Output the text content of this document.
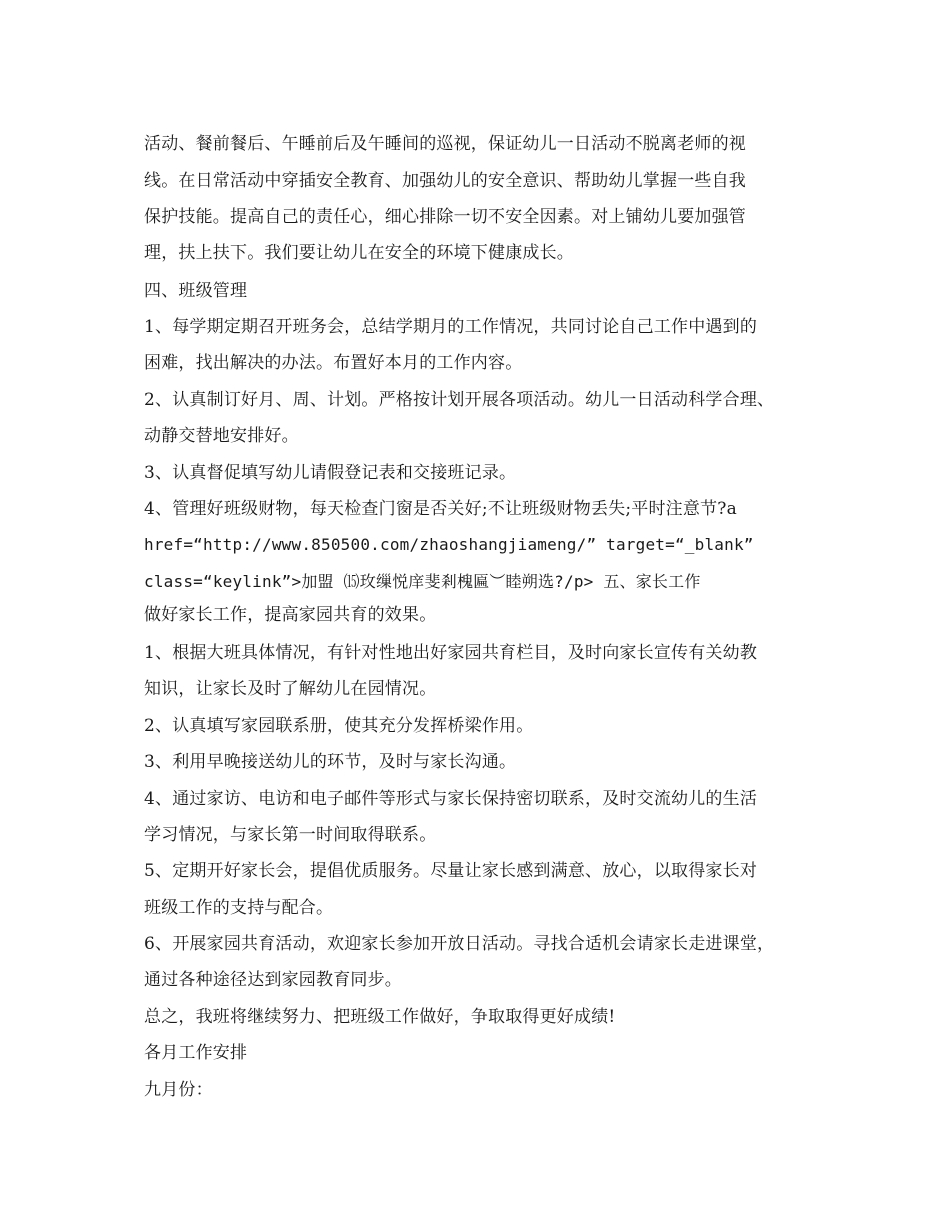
活动、餐前餐后、午睡前后及午睡间的巡视，保证幼儿一日活动不脱离老师的视
线。在日常活动中穿插安全教育、加强幼儿的安全意识、帮助幼儿掌握一些自我
保护技能。提高自己的责任心，细心排除一切不安全因素。对上铺幼儿要加强管
理，扶上扶下。我们要让幼儿在安全的环境下健康成长。
四、班级管理
1、每学期定期召开班务会，总结学期月的工作情况，共同讨论自己工作中遇到的
困难，找出解决的办法。布置好本月的工作内容。
2、认真制订好月、周、计划。严格按计划开展各项活动。幼儿一日活动科学合理、
动静交替地安排好。
3、认真督促填写幼儿请假登记表和交接班记录。
4、管理好班级财物，每天检查门窗是否关好;不让班级财物丢失;平时注意节?a
href=“http://www.850500.com/zhaoshangjiameng/” target=“_blank”
class=“keylink”>加盟 ⒂玫缫悦庠斐剎槐匾︶睦朔选?/p> 五、家长工作
做好家长工作，提高家园共育的效果。
1、根据大班具体情况，有针对性地出好家园共育栏目，及时向家长宣传有关幼教
知识，让家长及时了解幼儿在园情况。
2、认真填写家园联系册，使其充分发挥桥梁作用。
3、利用早晚接送幼儿的环节，及时与家长沟通。
4、通过家访、电访和电子邮件等形式与家长保持密切联系，及时交流幼儿的生活
学习情况，与家长第一时间取得联系。
5、定期开好家长会，提倡优质服务。尽量让家长感到满意、放心，以取得家长对
班级工作的支持与配合。
6、开展家园共育活动，欢迎家长参加开放日活动。寻找合适机会请家长走进课堂，
通过各种途径达到家园教育同步。
总之，我班将继续努力、把班级工作做好，争取取得更好成绩!
各月工作安排
九月份：
